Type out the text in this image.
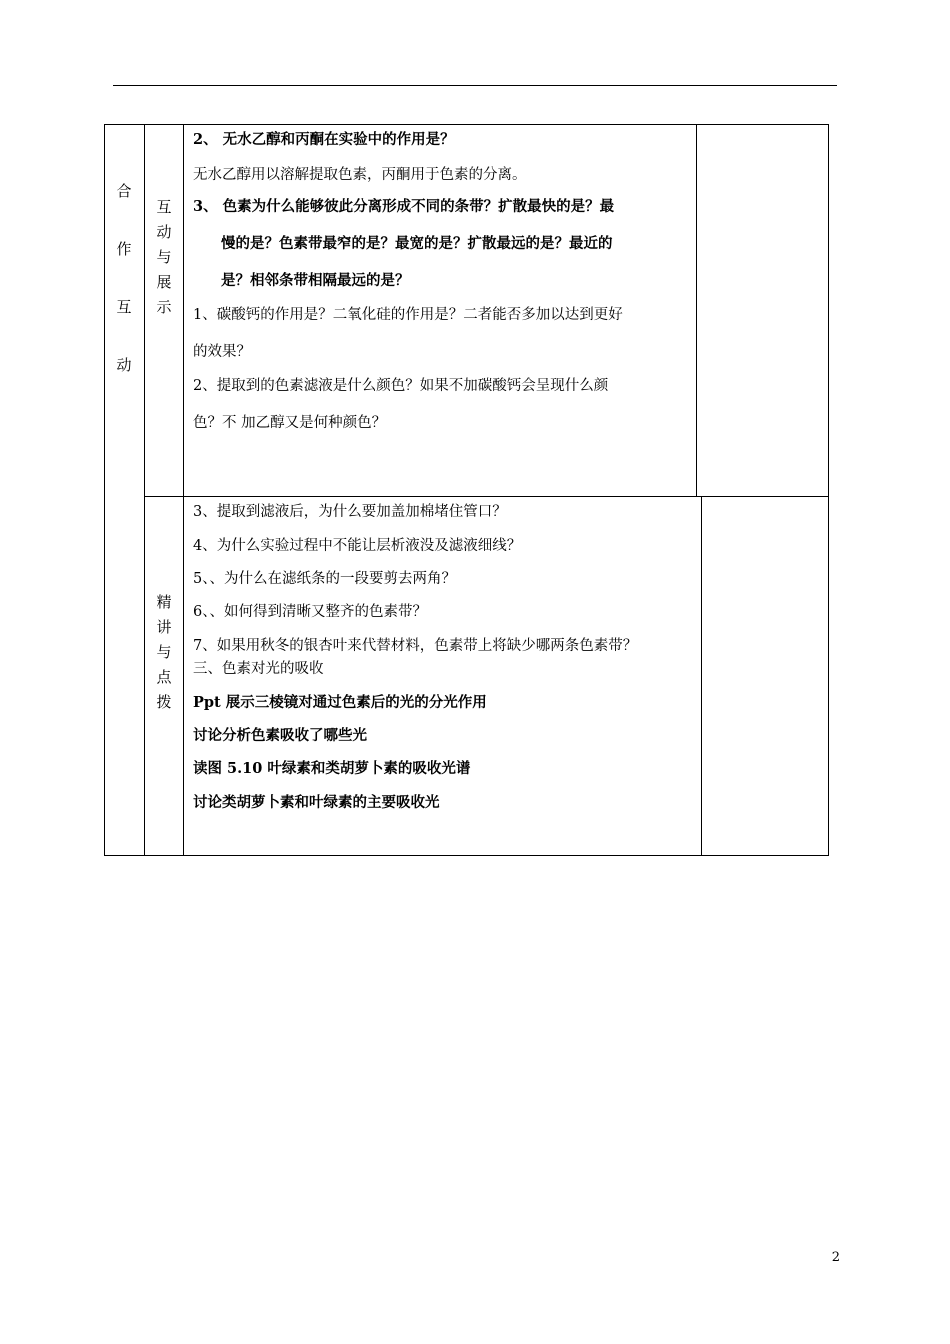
合
作
互
动
互
动
与
展
示
精
讲
与
点
拨
2、 无水乙醇和丙酮在实验中的作用是？
无水乙醇用以溶解提取色素，丙酮用于色素的分离。
3、 色素为什么能够彼此分离形成不同的条带？扩散最快的是？最
慢的是？色素带最窄的是？最宽的是？扩散最远的是？最近的
是？相邻条带相隔最远的是？
1、碳酸钙的作用是？二氧化硅的作用是？二者能否多加以达到更好
的效果？
2、提取到的色素滤液是什么颜色？如果不加碳酸钙会呈现什么颜
色？不 加乙醇又是何种颜色？
3、提取到滤液后，为什么要加盖加棉堵住管口？
4、为什么实验过程中不能让层析液没及滤液细线？
5、、为什么在滤纸条的一段要剪去两角？
6、、如何得到清晰又整齐的色素带？
7、如果用秋冬的银杏叶来代替材料，色素带上将缺少哪两条色素带？
三、色素对光的吸收
Ppt 展示三棱镜对通过色素后的光的分光作用
讨论分析色素吸收了哪些光
读图 5.10 叶绿素和类胡萝卜素的吸收光谱
讨论类胡萝卜素和叶绿素的主要吸收光
2
